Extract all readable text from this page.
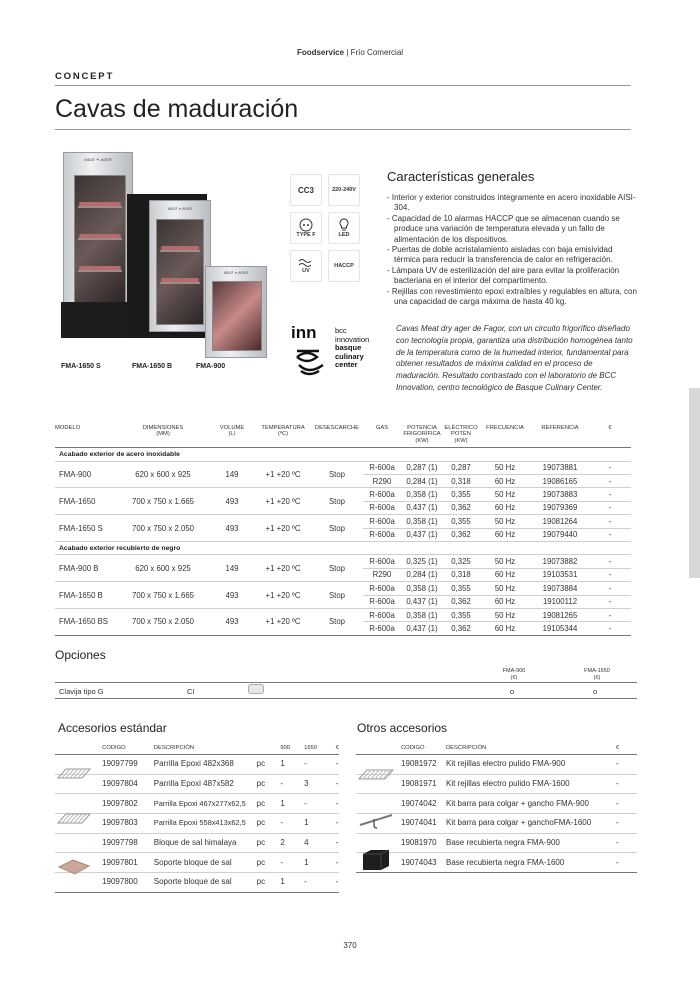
Foodservice | Frío Comercial
CONCEPT
Cavas de maduración
MEAT ✦ AGER
MEAT ✦ AGER
MEAT ✦ AGER
FMA-1650 S	FMA-1650 B	FMA-900
CC3	220-240V
TYPE F	LED
UV
HACCP
Características generales
- Interior y exterior construidos íntegramente en acero inoxidable AISI-304.
- Capacidad de 10 alarmas HACCP que se almacenan cuando se produce una variación de temperatura elevada y un fallo de alimentación de los dispositivos.
- Puertas de doble acristalamiento aisladas con baja emisividad térmica para reducir la transferencia de calor en refrigeración.
- Lámpara UV de esterilización del aire para evitar la proliferación bacteriana en el interior del compartimento.
- Rejillas con revestimiento epoxi extraíbles y regulables en altura, con una capacidad de carga máxima de hasta 40 kg.
inn bcc
innovation
basque
culinary
center

Cavas Meat dry ager de Fagor, con un circuito frigorífico diseñado con tecnología propia, garantiza una distribución homogénea tanto de la temperatura como de la humedad interior, fundamental para obtener resultados de máxima calidad en el proceso de maduración. Resultado contrastado con el laboratorio de BCC Innovation, centro tecnológico de Basque Culinary Center.

MODELO	DIMENSIONES
(MM)	VOLUME
(L)	TEMPERATURA
(ºC)	DESESCARCHE	GAS	POTENCIA
FRIGORÍFICA
(KW)	ELÉCTRICO
POTEN
(KW)	FRECUENCIA	REFERENCIA	€
Acabado exterior de acero inoxidable										
FMA-900	620 x 600 x 925	149	+1 +20 ºC	Stop	R-600a	0,287 (1)	0,287	50 Hz	19073881	-
					R290	0,284 (1)	0,318	60 Hz	19086165	-
FMA-1650	700 x 750 x 1.665	493	+1 +20 ºC	Stop	R-600a	0,358 (1)	0,355	50 Hz	19073883	-
					R-600a	0,437 (1)	0,362	60 Hz	19079369	-
FMA-1650 S	700 x 750 x 2.050	493	+1 +20 ºC	Stop	R-600a	0,358 (1)	0,355	50 Hz	19081264	-
					R-600a	0,437 (1)	0,362	60 Hz	19079440	-
Acabado exterior recubierto de negro										
FMA-900 B	620 x 600 x 925	149	+1 +20 ºC	Stop	R-600a	0,325 (1)	0,325	50 Hz	19073882	-
					R290	0,284 (1)	0,318	60 Hz	19103531	-
FMA-1650 B	700 x 750 x 1.665	493	+1 +20 ºC	Stop	R-600a	0,358 (1)	0,355	50 Hz	19073884	-
					R-600a	0,437 (1)	0,362	60 Hz	19100112	-
FMA-1650 BS	700 x 750 x 2.050	493	+1 +20 ºC	Stop	R-600a	0,358 (1)	0,355	50 Hz	19081265	-
					R-600a	0,437 (1)	0,362	60 Hz	19105344	-
Opciones
FMA-900
(€)
FMA-1650
(€)
Clavija tipo G	CI	o	o
Accesorios estándar
	CODIGO	DESCRIPCIÓN		900	1650	€
	19097799	Parrilla Epoxi 482x368	pc	1	-	-
	19097804	Parrilla Epoxi 487x582	pc	-	3	-
	19097802	Parrilla Epoxi 467x277x62,5	pc	1	-	-
	19097803	Parrilla Epoxi 558x413x62,5	pc	-	1	-
	19097798	Bloque de sal himalaya	pc	2	4	-
	19097801	Soporte bloque de sal	pc	-	1	-
	19097800	Soporte bloque de sal	pc	1	-	-
Otros accesorios
	CODIGO	DESCRIPCIÓN	€
	19081972	Kit rejillas electro pulido FMA-900	-
	19081971	Kit rejillas electro pulido FMA-1600	-
	19074042	Kit barra para colgar + gancho FMA-900	-
	19074041	Kit barra para colgar + ganchoFMA-1600	-
	19081970	Base recubierta negra FMA-900	-
	19074043	Base recubierta negra FMA-1600	-
370
